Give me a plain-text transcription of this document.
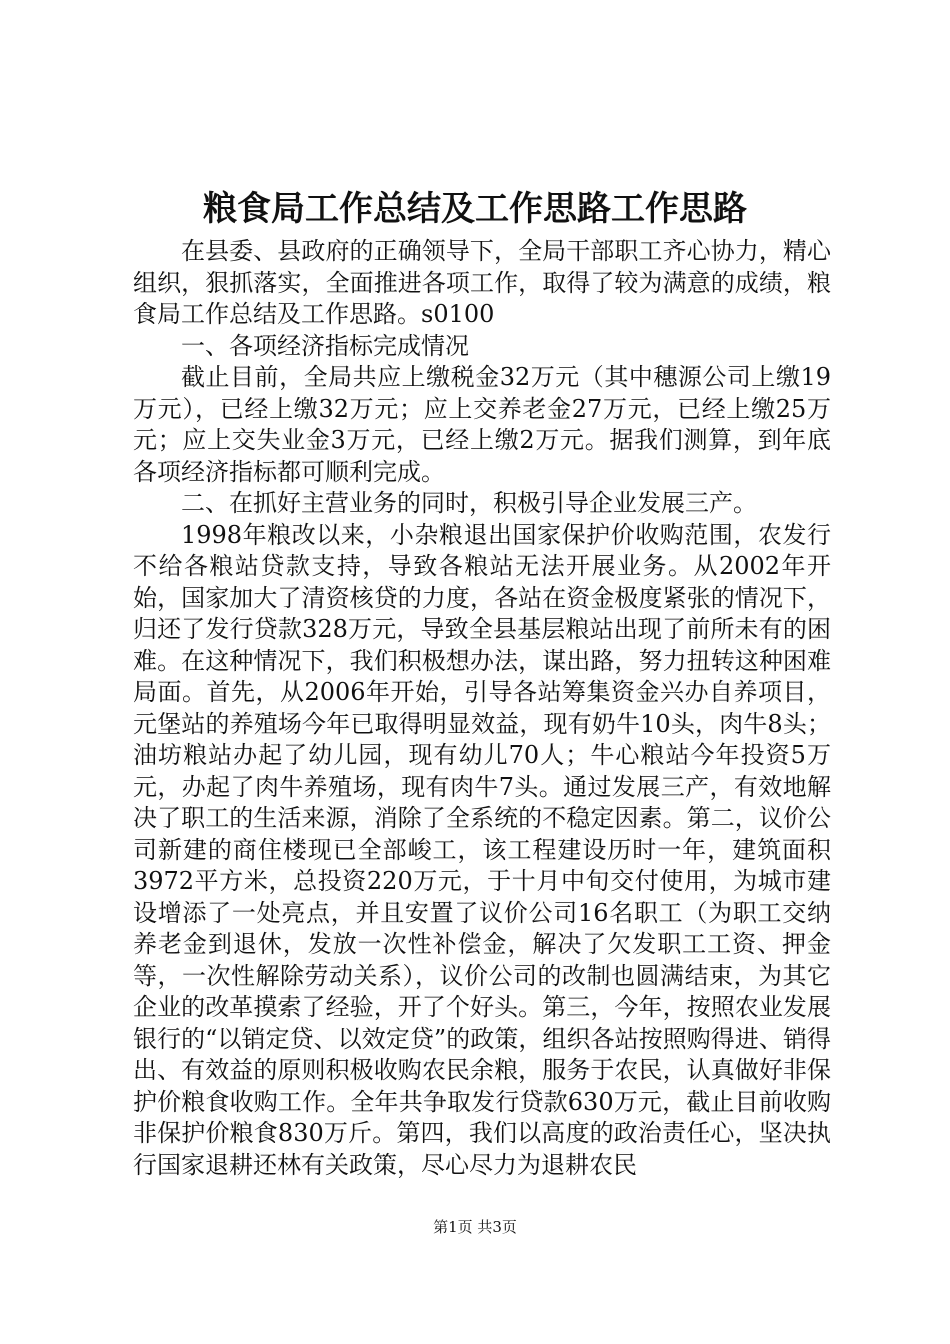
粮食局工作总结及工作思路工作思路

在县委、县政府的正确领导下，全局干部职工齐心协力，精心组织，狠抓落实，全面推进各项工作，取得了较为满意的成绩，粮食局工作总结及工作思路。s0100

一、各项经济指标完成情况

截止目前，全局共应上缴税金32万元（其中穗源公司上缴19万元），已经上缴32万元；应上交养老金27万元，已经上缴25万元；应上交失业金3万元，已经上缴2万元。据我们测算，到年底各项经济指标都可顺利完成。

二、在抓好主营业务的同时，积极引导企业发展三产。

1998年粮改以来，小杂粮退出国家保护价收购范围，农发行不给各粮站贷款支持，导致各粮站无法开展业务。从2002年开始，国家加大了清资核贷的力度，各站在资金极度紧张的情况下，归还了发行贷款328万元，导致全县基层粮站出现了前所未有的困难。在这种情况下，我们积极想办法，谋出路，努力扭转这种困难局面。首先，从2006年开始，引导各站筹集资金兴办自养项目，元堡站的养殖场今年已取得明显效益，现有奶牛10头，肉牛8头；油坊粮站办起了幼儿园，现有幼儿70人；牛心粮站今年投资5万元，办起了肉牛养殖场，现有肉牛7头。通过发展三产，有效地解决了职工的生活来源，消除了全系统的不稳定因素。第二，议价公司新建的商住楼现已全部峻工，该工程建设历时一年，建筑面积3972平方米，总投资220万元，于十月中旬交付使用，为城市建设增添了一处亮点，并且安置了议价公司16名职工（为职工交纳养老金到退休，发放一次性补偿金，解决了欠发职工工资、押金等，一次性解除劳动关系），议价公司的改制也圆满结束，为其它企业的改革摸索了经验，开了个好头。第三，今年，按照农业发展银行的“以销定贷、以效定贷”的政策，组织各站按照购得进、销得出、有效益的原则积极收购农民余粮，服务于农民，认真做好非保护价粮食收购工作。全年共争取发行贷款630万元，截止目前收购非保护价粮食830万斤。第四，我们以高度的政治责任心，坚决执行国家退耕还林有关政策，尽心尽力为退耕农民

第1页 共3页
